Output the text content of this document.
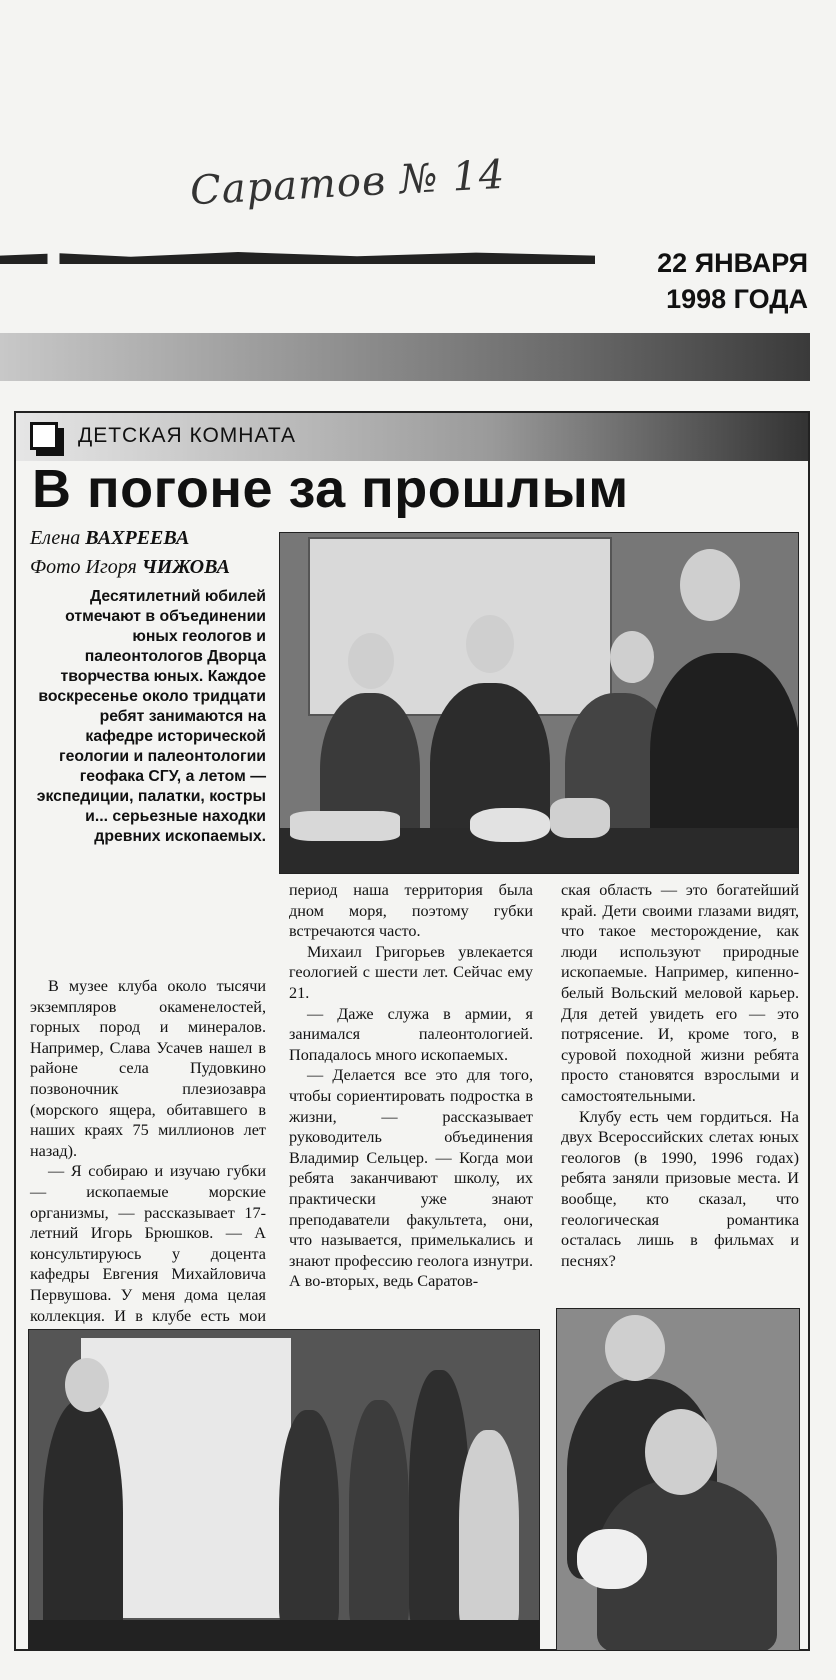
Саратов № 14
22 ЯНВАРЯ
1998 ГОДА
ДЕТСКАЯ КОМНАТА
В погоне за прошлым
Елена ВАХРЕЕВА
Фото Игоря ЧИЖОВА
Десятилетний юбилей отмечают в объединении юных геологов и палеонтологов Дворца творчества юных. Каждое воскресенье около тридцати ребят занимаются на кафедре исторической геологии и палеонтологии геофака СГУ, а летом — экспедиции, палатки, костры и... серьезные находки древних ископаемых.

В музее клуба около тысячи экземпляров окаменелостей, горных пород и минералов. Например, Слава Усачев нашел в районе села Пудовкино позвоночник плезиозавра (морского ящера, обитавшего в наших краях 75 миллионов лет назад).

— Я собираю и изучаю губки — ископаемые морские организмы, — рассказывает 17-летний Игорь Брюшков. — А консультируюсь у доцента кафедры Евгения Михайловича Первушова. У меня дома целая коллекция. И в клубе есть мои

период наша территория была дном моря, поэтому губки встречаются часто.

Михаил Григорьев увлекается геологией с шести лет. Сейчас ему 21.

— Даже служа в армии, я занимался палеонтологией. Попадалось много ископаемых.

— Делается все это для того, чтобы сориентировать подростка в жизни, — рассказывает руководитель объединения Владимир Сельцер. — Когда мои ребята заканчивают школу, их практически уже знают преподаватели факультета, они, что называется, примелькались и знают профессию геолога изнутри. А во-вторых, ведь Саратов-

ская область — это богатейший край. Дети своими глазами видят, что такое месторождение, как люди используют природные ископаемые. Например, кипенно-белый Вольский меловой карьер. Для детей увидеть его — это потрясение. И, кроме того, в суровой походной жизни ребята просто становятся взрослыми и самостоятельными.

Клубу есть чем гордиться. На двух Всероссийских слетах юных геологов (в 1990, 1996 годах) ребята заняли призовые места. И вообще, кто сказал, что геологическая романтика осталась лишь в фильмах и песнях?
